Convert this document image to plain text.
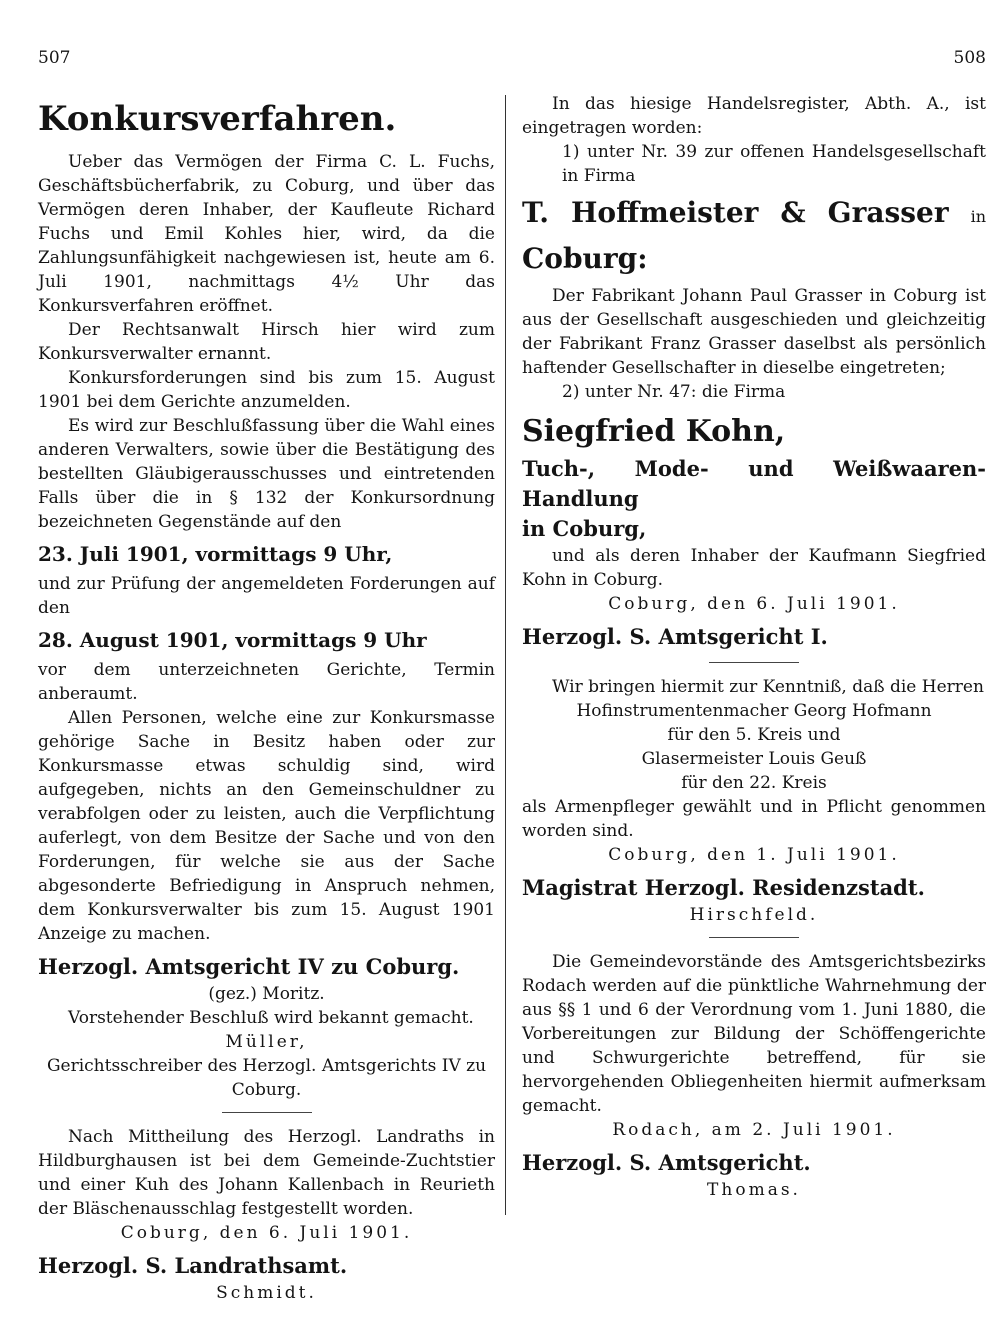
507	508

Konkursverfahren.

Ueber das Vermögen der Firma C. L. Fuchs, Geschäftsbücherfabrik, zu Coburg, und über das Vermögen deren Inhaber, der Kaufleute Richard Fuchs und Emil Kohles hier, wird, da die Zahlungsunfähigkeit nachgewiesen ist, heute am 6. Juli 1901, nachmittags 4½ Uhr das Konkursverfahren eröffnet.

Der Rechtsanwalt Hirsch hier wird zum Konkursverwalter ernannt.

Konkursforderungen sind bis zum 15. August 1901 bei dem Gerichte anzumelden.

Es wird zur Beschlußfassung über die Wahl eines anderen Verwalters, sowie über die Bestätigung des bestellten Gläubigerausschusses und eintretenden Falls über die in § 132 der Konkursordnung bezeichneten Gegenstände auf den

23. Juli 1901, vormittags 9 Uhr,

und zur Prüfung der angemeldeten Forderungen auf den

28. August 1901, vormittags 9 Uhr

vor dem unterzeichneten Gerichte, Termin anberaumt.

Allen Personen, welche eine zur Konkursmasse gehörige Sache in Besitz haben oder zur Konkursmasse etwas schuldig sind, wird aufgegeben, nichts an den Gemeinschuldner zu verabfolgen oder zu leisten, auch die Verpflichtung auferlegt, von dem Besitze der Sache und von den Forderungen, für welche sie aus der Sache abgesonderte Befriedigung in Anspruch nehmen, dem Konkursverwalter bis zum 15. August 1901 Anzeige zu machen.

Herzogl. Amtsgericht IV zu Coburg.

(gez.) Moritz.

Vorstehender Beschluß wird bekannt gemacht.

Müller,

Gerichtsschreiber des Herzogl. Amtsgerichts IV zu Coburg.

Nach Mittheilung des Herzogl. Landraths in Hildburghausen ist bei dem Gemeinde-Zuchtstier und einer Kuh des Johann Kallenbach in Reurieth der Bläschenausschlag festgestellt worden.

Coburg, den 6. Juli 1901.

Herzogl. S. Landrathsamt.

Schmidt.

In das hiesige Handelsregister, Abth. A., ist eingetragen worden:

1) unter Nr. 39 zur offenen Handelsgesellschaft in Firma

T. Hoffmeister & Grasser in Coburg:

Der Fabrikant Johann Paul Grasser in Coburg ist aus der Gesellschaft ausgeschieden und gleichzeitig der Fabrikant Franz Grasser daselbst als persönlich haftender Gesellschafter in dieselbe eingetreten;

2) unter Nr. 47: die Firma

Siegfried Kohn,

Tuch-, Mode- und Weißwaaren-Handlung

in Coburg,

und als deren Inhaber der Kaufmann Siegfried Kohn in Coburg.

Coburg, den 6. Juli 1901.

Herzogl. S. Amtsgericht I.

Wir bringen hiermit zur Kenntniß, daß die Herren

Hofinstrumentenmacher Georg Hofmann

für den 5. Kreis und

Glasermeister Louis Geuß

für den 22. Kreis

als Armenpfleger gewählt und in Pflicht genommen worden sind.

Coburg, den 1. Juli 1901.

Magistrat Herzogl. Residenzstadt.

Hirschfeld.

Die Gemeindevorstände des Amtsgerichtsbezirks Rodach werden auf die pünktliche Wahrnehmung der aus §§ 1 und 6 der Verordnung vom 1. Juni 1880, die Vorbereitungen zur Bildung der Schöffengerichte und Schwurgerichte betreffend, für sie hervorgehenden Obliegenheiten hiermit aufmerksam gemacht.

Rodach, am 2. Juli 1901.

Herzogl. S. Amtsgericht.

Thomas.
